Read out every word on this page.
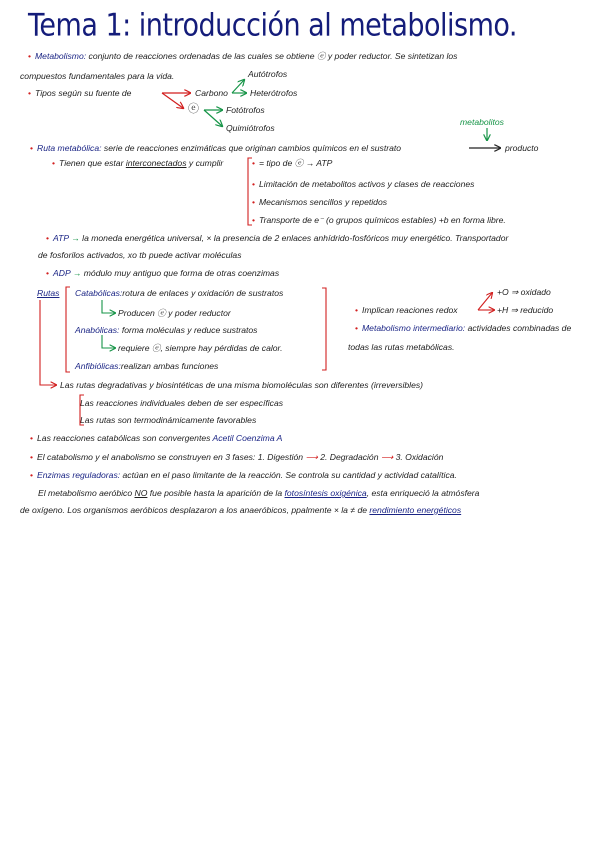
Tema 1: introducción al metabolismo.
• Metabolismo: conjunto de reacciones ordenadas de las cuales se obtiene ⓔ y poder reductor. Se sintetizan los
compuestos fundamentales para la vida.
• Tipos según su fuente de	Carbono
Autótrofos
Heterótrofos
ⓔ	Fotótrofos
Quimiótrofos
metabolitos
• Ruta metabólica: serie de reacciones enzimáticas que originan cambios químicos en el sustrato	producto
• Tienen que estar interconectados y cumplir	• = tipo de ⓔ → ATP
• Limitación de metabolitos activos y clases de reacciones
• Mecanismos sencillos y repetidos
• Transporte de e⁻ (o grupos químicos estables) +b en forma libre.
• ATP → la moneda energética universal, × la presencia de 2 enlaces anhídrido-fosfóricos muy energético. Transportador
de fosforilos activados, xo tb puede activar moléculas
• ADP → módulo muy antiguo que forma de otras coenzimas
Rutas Catabólicas:rotura de enlaces y oxidación de sustratos
Producen ⓔ y poder reductor
Anabólicas: forma moléculas y reduce sustratos
requiere ⓔ, siempre hay pérdidas de calor.
Anfibiólicas:realizan ambas funciones
• Implican reaciones redox
+O ⇒ oxidado
+H ⇒ reducido
• Metabolismo intermediario: actividades combinadas de
todas las rutas metabólicas.
Las rutas degradativas y biosintéticas de una misma biomoléculas son diferentes (irreversibles)
Las reacciones individuales deben de ser específicas
Las rutas son termodinámicamente favorables
• Las reacciones catabólicas son convergentes Acetil Coenzima A
• El catabolismo y el anabolismo se construyen en 3 fases: 1. Digestión ⟶ 2. Degradación ⟶ 3. Oxidación
• Enzimas reguladoras: actúan en el paso limitante de la reacción. Se controla su cantidad y actividad catalítica.
El metabolismo aeróbico NO fue posible hasta la aparición de la fotosíntesis oxigénica, esta enriqueció la atmósfera
de oxígeno. Los organismos aeróbicos desplazaron a los anaeróbicos, ppalmente × la ≠ de rendimiento energéticos
